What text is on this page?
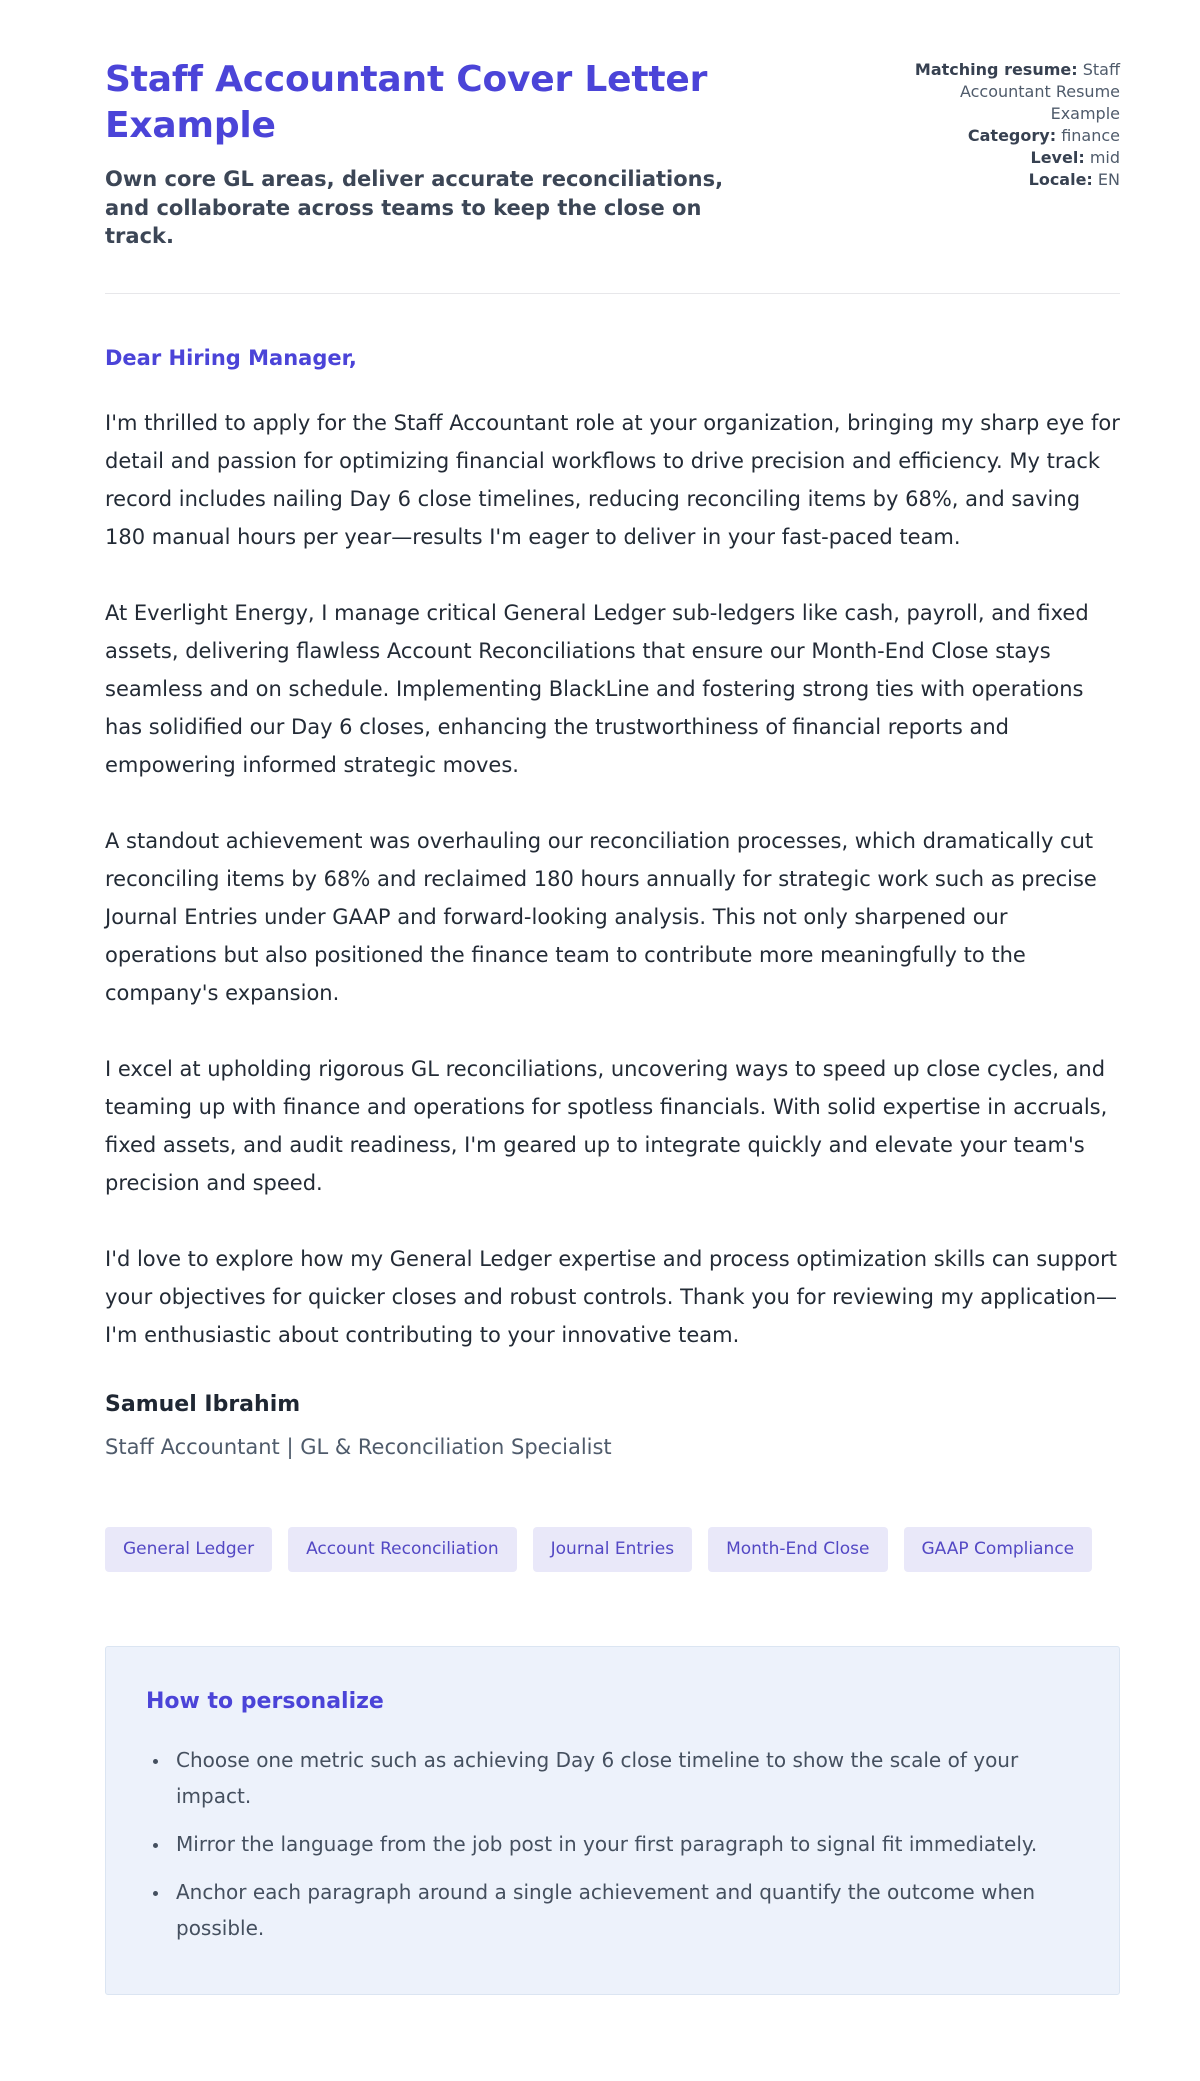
Staff Accountant Cover Letter Example

Own core GL areas, deliver accurate reconciliations, and collaborate across teams to keep the close on track.

Matching resume: Staff Accountant Resume Example
Category: finance
Level: mid
Locale: EN

Dear Hiring Manager,

I'm thrilled to apply for the Staff Accountant role at your organization, bringing my sharp eye for detail and passion for optimizing financial workflows to drive precision and efficiency. My track record includes nailing Day 6 close timelines, reducing reconciling items by 68%, and saving 180 manual hours per year—results I'm eager to deliver in your fast-paced team.

At Everlight Energy, I manage critical General Ledger sub-ledgers like cash, payroll, and fixed assets, delivering flawless Account Reconciliations that ensure our Month-End Close stays seamless and on schedule. Implementing BlackLine and fostering strong ties with operations has solidified our Day 6 closes, enhancing the trustworthiness of financial reports and empowering informed strategic moves.

A standout achievement was overhauling our reconciliation processes, which dramatically cut reconciling items by 68% and reclaimed 180 hours annually for strategic work such as precise Journal Entries under GAAP and forward-looking analysis. This not only sharpened our operations but also positioned the finance team to contribute more meaningfully to the company's expansion.

I excel at upholding rigorous GL reconciliations, uncovering ways to speed up close cycles, and teaming up with finance and operations for spotless financials. With solid expertise in accruals, fixed assets, and audit readiness, I'm geared up to integrate quickly and elevate your team's precision and speed.

I'd love to explore how my General Ledger expertise and process optimization skills can support your objectives for quicker closes and robust controls. Thank you for reviewing my application—I'm enthusiastic about contributing to your innovative team.

Samuel Ibrahim

Staff Accountant | GL & Reconciliation Specialist

General Ledger	Account Reconciliation	Journal Entries	Month-End Close	GAAP Compliance
How to personalize
• Choose one metric such as achieving Day 6 close timeline to show the scale of your impact.
• Mirror the language from the job post in your first paragraph to signal fit immediately.
• Anchor each paragraph around a single achievement and quantify the outcome when possible.
